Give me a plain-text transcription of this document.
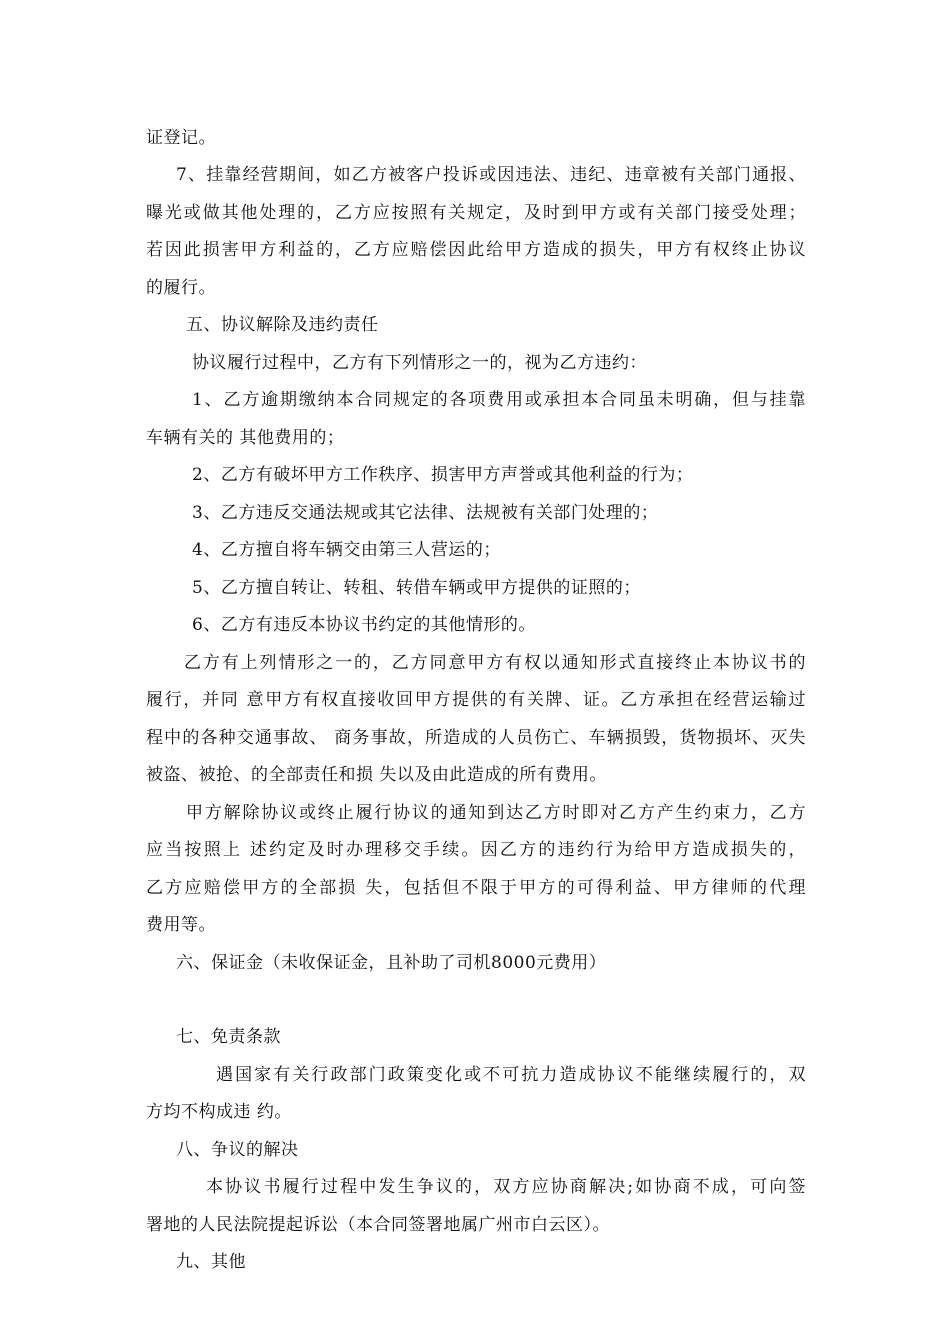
证登记。
7、挂靠经营期间，如乙方被客户投诉或因违法、违纪、违章被有关部门通报、
曝光或做其他处理的，乙方应按照有关规定，及时到甲方或有关部门接受处理；
若因此损害甲方利益的，乙方应赔偿因此给甲方造成的损失，甲方有权终止协议
的履行。
五、协议解除及违约责任
协议履行过程中，乙方有下列情形之一的，视为乙方违约：
1、乙方逾期缴纳本合同规定的各项费用或承担本合同虽未明确，但与挂靠
车辆有关的 其他费用的；
2、乙方有破坏甲方工作秩序、损害甲方声誉或其他利益的行为；
3、乙方违反交通法规或其它法律、法规被有关部门处理的；
4、乙方擅自将车辆交由第三人营运的；
5、乙方擅自转让、转租、转借车辆或甲方提供的证照的；
6、乙方有违反本协议书约定的其他情形的。
乙方有上列情形之一的，乙方同意甲方有权以通知形式直接终止本协议书的
履行，并同 意甲方有权直接收回甲方提供的有关牌、证。乙方承担在经营运输过
程中的各种交通事故、 商务事故，所造成的人员伤亡、车辆损毁，货物损坏、灭失
被盗、被抢、的全部责任和损 失以及由此造成的所有费用。
甲方解除协议或终止履行协议的通知到达乙方时即对乙方产生约束力，乙方
应当按照上 述约定及时办理移交手续。因乙方的违约行为给甲方造成损失的，
乙方应赔偿甲方的全部损 失，包括但不限于甲方的可得利益、甲方律师的代理
费用等。
六、保证金（未收保证金，且补助了司机8000元费用）
七、免责条款
遇国家有关行政部门政策变化或不可抗力造成协议不能继续履行的，双
方均不构成违 约。
八、争议的解决
本协议书履行过程中发生争议的，双方应协商解决;如协商不成，可向签
署地的人民法院提起诉讼（本合同签署地属广州市白云区）。
九、其他
